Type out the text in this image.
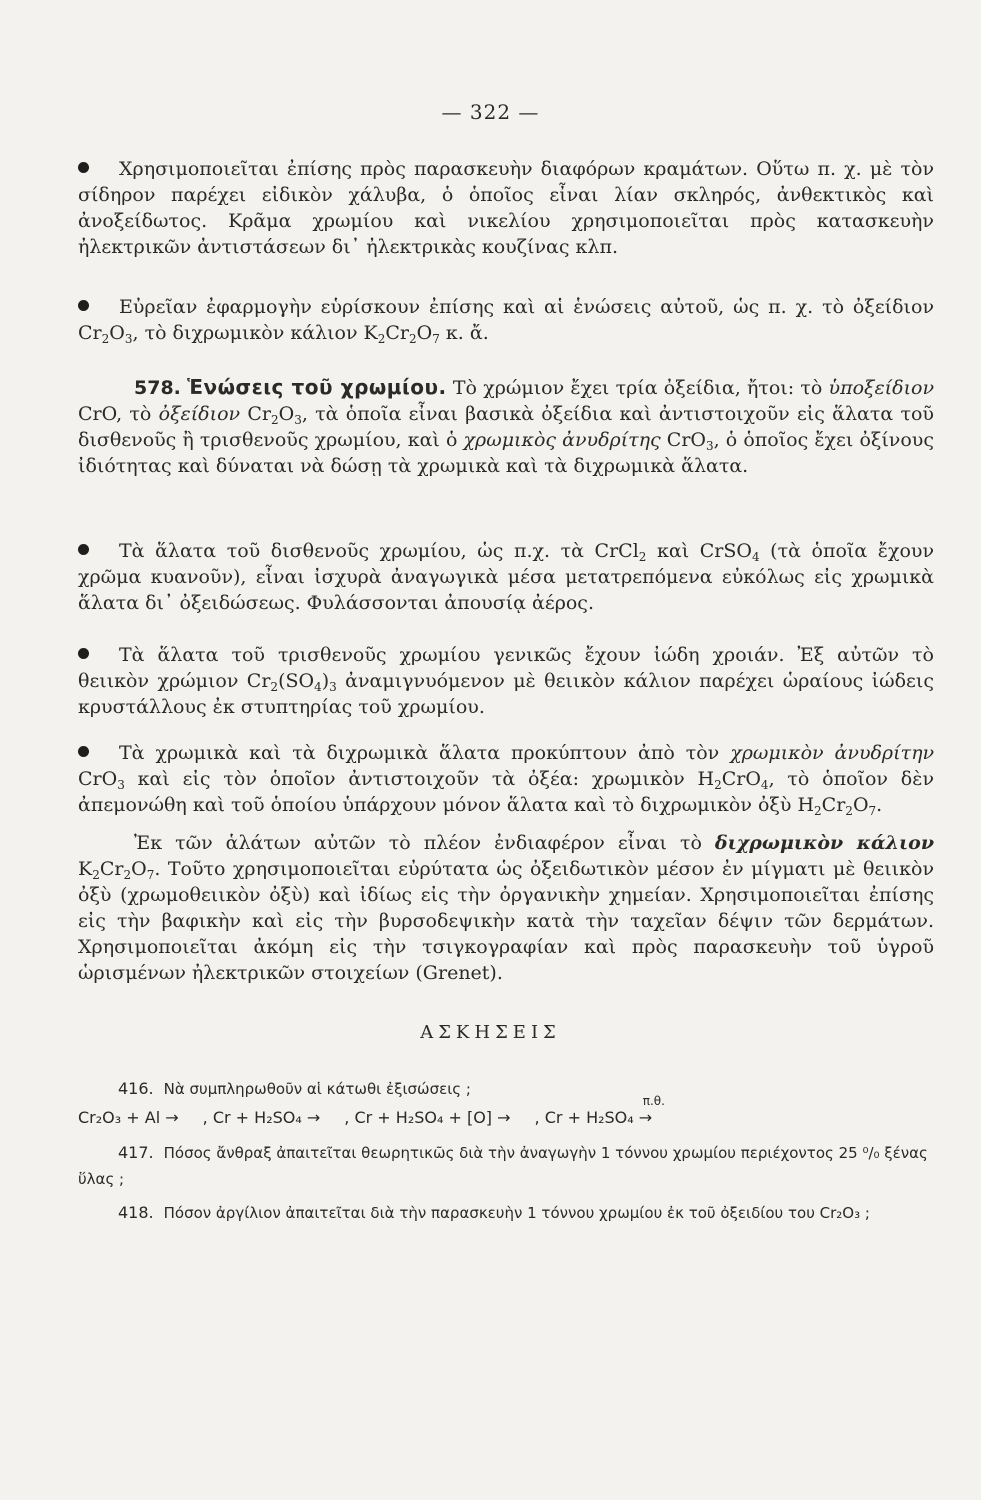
— 322 —

Χρησιμοποιεῖται ἐπίσης πρὸς παρασκευὴν διαφόρων κραμάτων. Οὕτω π. χ. μὲ τὸν σίδηρον παρέχει εἰδικὸν χάλυβα, ὁ ὁποῖος εἶναι λίαν σκληρός, ἀνθεκτικὸς καὶ ἀνοξείδωτος. Κρᾶμα χρωμίου καὶ νικελίου χρησιμοποιεῖται πρὸς κατασκευὴν ἠλεκτρικῶν ἀντιστάσεων δι᾽ ἠλεκτρικὰς κουζίνας κλπ.

Εὐρεῖαν ἐφαρμογὴν εὑρίσκουν ἐπίσης καὶ αἱ ἑνώσεις αὐτοῦ, ὡς π. χ. τὸ ὀξείδιον $Cr_2O_3$, τὸ διχρωμικὸν κάλιον $K_2Cr_2O_7$ κ. ἄ.

578. Ἑνώσεις τοῦ χρωμίου. Τὸ χρώμιον ἔχει τρία ὀξείδια, ἤτοι: τὸ ὑποξείδιον CrO, τὸ ὀξείδιον $Cr_2O_3$, τὰ ὁποῖα εἶναι βασικὰ ὀξείδια καὶ ἀντιστοιχοῦν εἰς ἅλατα τοῦ δισθενοῦς ἢ τρισθενοῦς χρωμίου, καὶ ὁ χρωμικὸς ἀνυδρίτης CrO$_3$, ὁ ὁποῖος ἔχει ὀξίνους ἰδιότητας καὶ δύναται νὰ δώσῃ τὰ χρωμικὰ καὶ τὰ διχρωμικὰ ἅλατα.

Τὰ ἅλατα τοῦ δισθενοῦς χρωμίου, ὡς π.χ. τὰ CrCl$_2$ καὶ CrSO$_4$ (τὰ ὁποῖα ἔχουν χρῶμα κυανοῦν), εἶναι ἰσχυρὰ ἀναγωγικὰ μέσα μετατρεπόμενα εὐκόλως εἰς χρωμικὰ ἅλατα δι᾽ ὀξειδώσεως. Φυλάσσονται ἀπουσίᾳ ἀέρος.

Τὰ ἅλατα τοῦ τρισθενοῦς χρωμίου γενικῶς ἔχουν ἰώδη χροιάν. Ἐξ αὐτῶν τὸ θειικὸν χρώμιον $Cr_2(SO_4)_3$ ἀναμιγνυόμενον μὲ θειικὸν κάλιον παρέχει ὡραίους ἰώδεις κρυστάλλους ἐκ στυπτηρίας τοῦ χρωμίου.

Τὰ χρωμικὰ καὶ τὰ διχρωμικὰ ἅλατα προκύπτουν ἀπὸ τὸν χρωμικὸν ἀνυδρίτην CrO$_3$ καὶ εἰς τὸν ὁποῖον ἀντιστοιχοῦν τὰ ὀξέα: χρωμικὸν $H_2CrO_4$, τὸ ὁποῖον δὲν ἀπεμονώθη καὶ τοῦ ὁποίου ὑπάρχουν μόνον ἅλατα καὶ τὸ διχρωμικὸν ὀξὺ $H_2Cr_2O_7$.

Ἐκ τῶν ἁλάτων αὐτῶν τὸ πλέον ἐνδιαφέρον εἶναι τὸ διχρωμικὸν κάλιον $K_2Cr_2O_7$. Τοῦτο χρησιμοποιεῖται εὐρύτατα ὡς ὀξειδωτικὸν μέσον ἐν μίγματι μὲ θειικὸν ὀξὺ (χρωμοθειικὸν ὀξὺ) καὶ ἰδίως εἰς τὴν ὀργανικὴν χημείαν. Χρησιμοποιεῖται ἐπίσης εἰς τὴν βαφικὴν καὶ εἰς τὴν βυρσοδεψικὴν κατὰ τὴν ταχεῖαν δέψιν τῶν δερμάτων. Χρησιμοποιεῖται ἀκόμη εἰς τὴν τσιγκογραφίαν καὶ πρὸς παρασκευὴν τοῦ ὑγροῦ ὡρισμένων ἠλεκτρικῶν στοιχείων (Grenet).

ΑΣΚΗΣΕΙΣ
416. Νὰ συμπληρωθοῦν αἱ κάτωθι ἐξισώσεις ;
Cr₂O₃ + Al → , Cr + H₂SO₄ → , Cr + H₂SO₄ + [O] → , Cr + H₂SO₄
π.θ.
→
417. Πόσος ἄνθραξ ἀπαιτεῖται θεωρητικῶς διὰ τὴν ἀναγωγὴν 1 τόννου χρωμίου περιέχοντος 25 ⁰/₀ ξένας ὕλας ;
418. Πόσον ἀργίλιον ἀπαιτεῖται διὰ τὴν παρασκευὴν 1 τόννου χρωμίου ἐκ τοῦ ὀξειδίου του Cr₂O₃ ;
